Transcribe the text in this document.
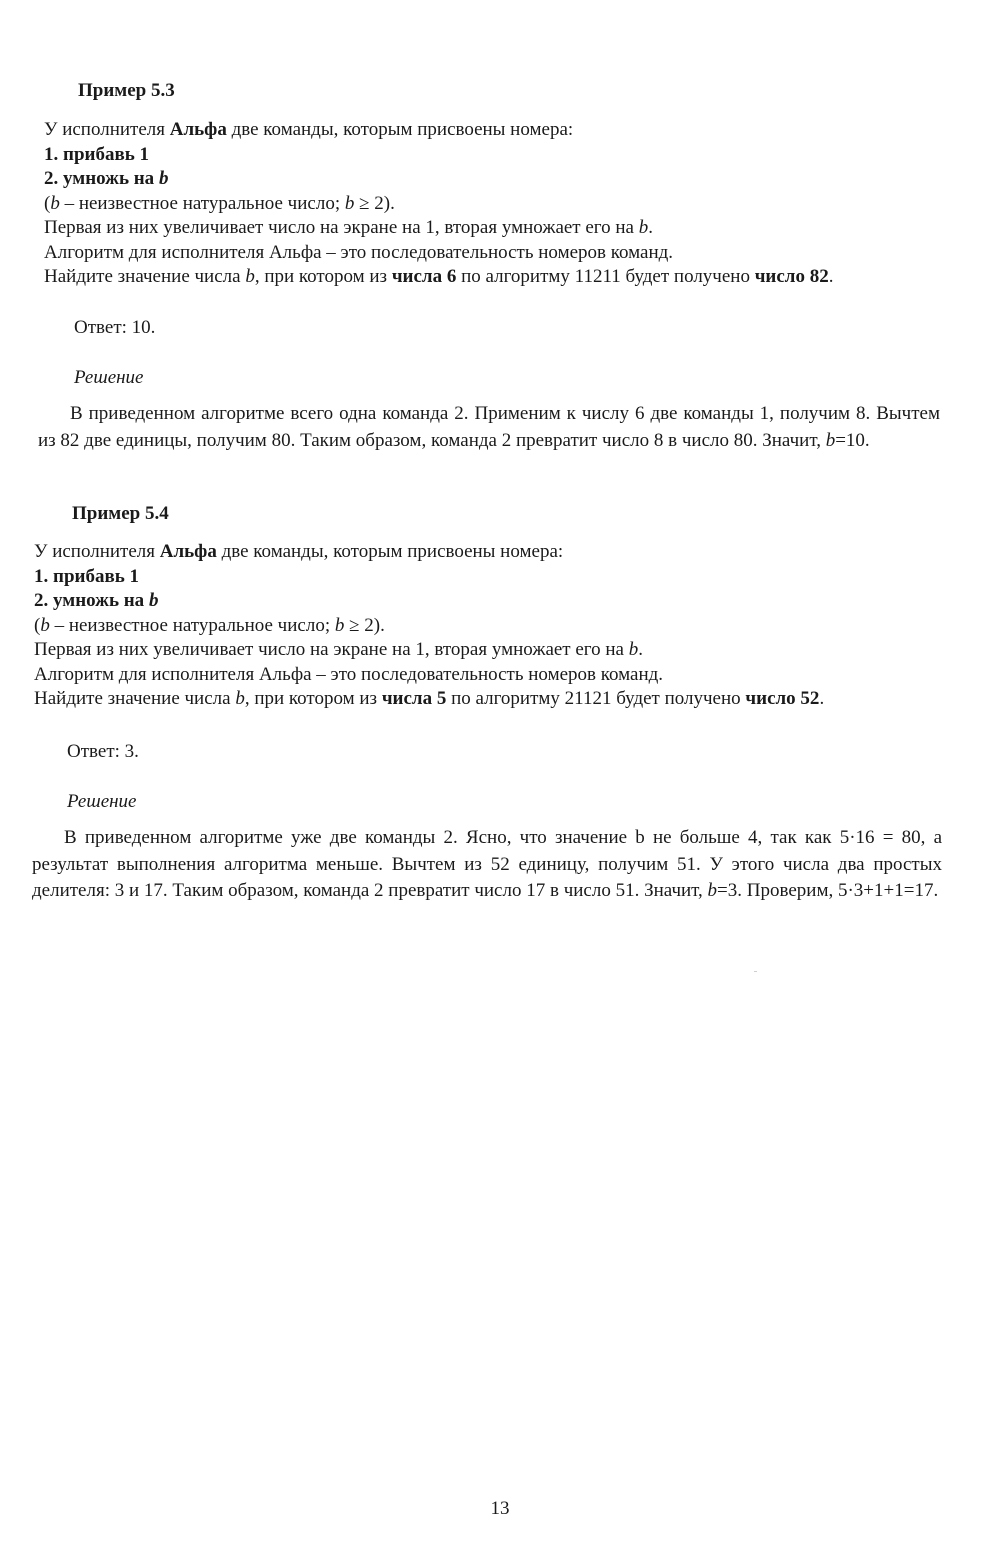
Пример 5.3

У исполнителя Альфа две команды, которым присвоены номера:
1. прибавь 1
2. умножь на b
(b – неизвестное натуральное число; b ≥ 2).
Первая из них увеличивает число на экране на 1, вторая умножает его на b.
Алгоритм для исполнителя Альфа – это последовательность номеров команд.
Найдите значение числа b, при котором из числа 6 по алгоритму 11211 будет получено число 82.

Ответ: 10.

Решение

В приведенном алгоритме всего одна команда 2. Применим к числу 6 две команды 1, получим 8. Вычтем из 82 две единицы, получим 80. Таким образом, команда 2 превратит число 8 в число 80. Значит, b=10.

Пример 5.4

У исполнителя Альфа две команды, которым присвоены номера:
1. прибавь 1
2. умножь на b
(b – неизвестное натуральное число; b ≥ 2).
Первая из них увеличивает число на экране на 1, вторая умножает его на b.
Алгоритм для исполнителя Альфа – это последовательность номеров команд.
Найдите значение числа b, при котором из числа 5 по алгоритму 21121 будет получено число 52.

Ответ: 3.

Решение

В приведенном алгоритме уже две команды 2. Ясно, что значение b не больше 4, так как 5·16 = 80, а результат выполнения алгоритма меньше. Вычтем из 52 единицу, получим 51. У этого числа два простых делителя: 3 и 17. Таким образом, команда 2 превратит число 17 в число 51. Значит, b=3. Проверим, 5·3+1+1=17.

13
